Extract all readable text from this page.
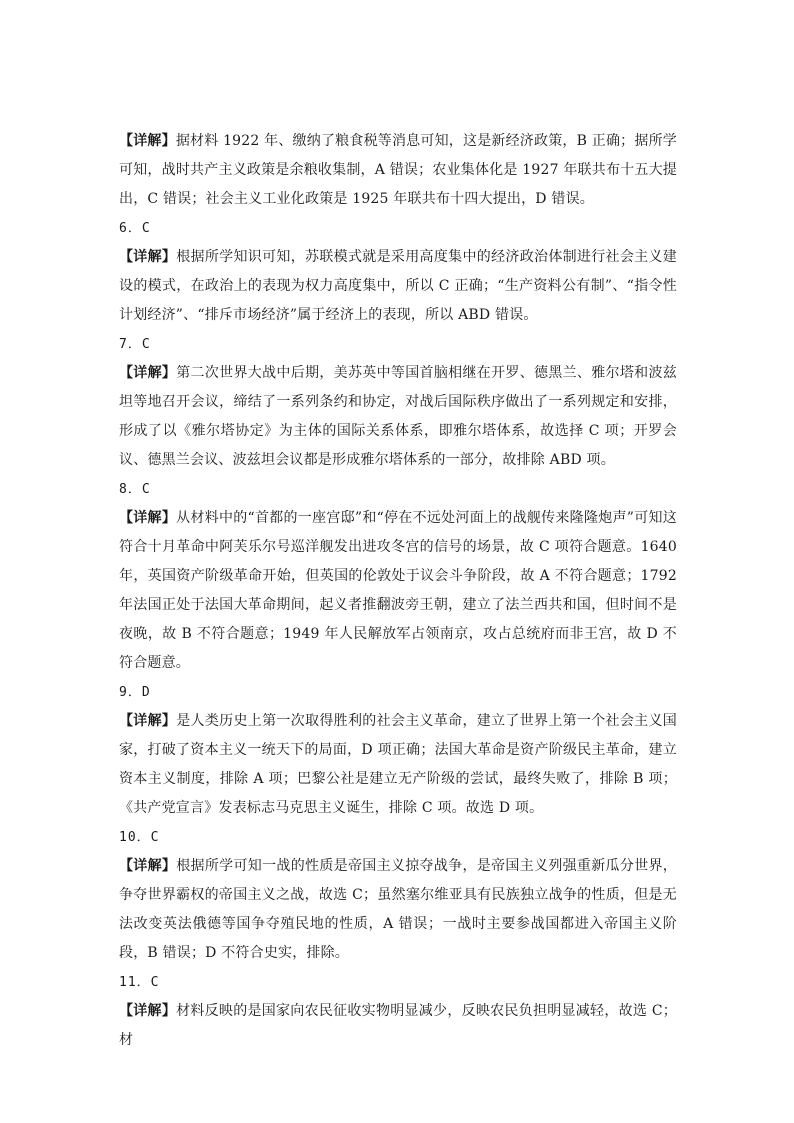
【详解】据材料 1922 年、缴纳了粮食税等消息可知，这是新经济政策，B 正确；据所学可知，战时共产主义政策是余粮收集制，A 错误；农业集体化是 1927 年联共布十五大提出，C 错误；社会主义工业化政策是 1925 年联共布十四大提出，D 错误。

6．C

【详解】根据所学知识可知，苏联模式就是采用高度集中的经济政治体制进行社会主义建设的模式，在政治上的表现为权力高度集中，所以 C 正确；“生产资料公有制”、“指令性计划经济”、“排斥市场经济”属于经济上的表现，所以 ABD 错误。

7．C

【详解】第二次世界大战中后期，美苏英中等国首脑相继在开罗、德黑兰、雅尔塔和波兹坦等地召开会议，缔结了一系列条约和协定，对战后国际秩序做出了一系列规定和安排，形成了以《雅尔塔协定》为主体的国际关系体系，即雅尔塔体系，故选择 C 项；开罗会议、德黑兰会议、波兹坦会议都是形成雅尔塔体系的一部分，故排除 ABD 项。

8．C

【详解】从材料中的“首都的一座宫邸”和“停在不远处河面上的战舰传来隆隆炮声”可知这符合十月革命中阿芙乐尔号巡洋舰发出进攻冬宫的信号的场景，故 C 项符合题意。1640 年，英国资产阶级革命开始，但英国的伦敦处于议会斗争阶段，故 A 不符合题意；1792 年法国正处于法国大革命期间，起义者推翻波旁王朝，建立了法兰西共和国，但时间不是夜晚，故 B 不符合题意；1949 年人民解放军占领南京，攻占总统府而非王宫，故 D 不符合题意。

9．D

【详解】是人类历史上第一次取得胜利的社会主义革命，建立了世界上第一个社会主义国家，打破了资本主义一统天下的局面，D 项正确；法国大革命是资产阶级民主革命，建立资本主义制度，排除 A 项；巴黎公社是建立无产阶级的尝试，最终失败了，排除 B 项；《共产党宣言》发表标志马克思主义诞生，排除 C 项。故选 D 项。

10．C

【详解】根据所学可知一战的性质是帝国主义掠夺战争，是帝国主义列强重新瓜分世界，争夺世界霸权的帝国主义之战，故选 C；虽然塞尔维亚具有民族独立战争的性质，但是无法改变英法俄德等国争夺殖民地的性质，A 错误；一战时主要参战国都进入帝国主义阶段，B 错误；D 不符合史实，排除。

11．C

【详解】材料反映的是国家向农民征收实物明显减少，反映农民负担明显减轻，故选 C；材
